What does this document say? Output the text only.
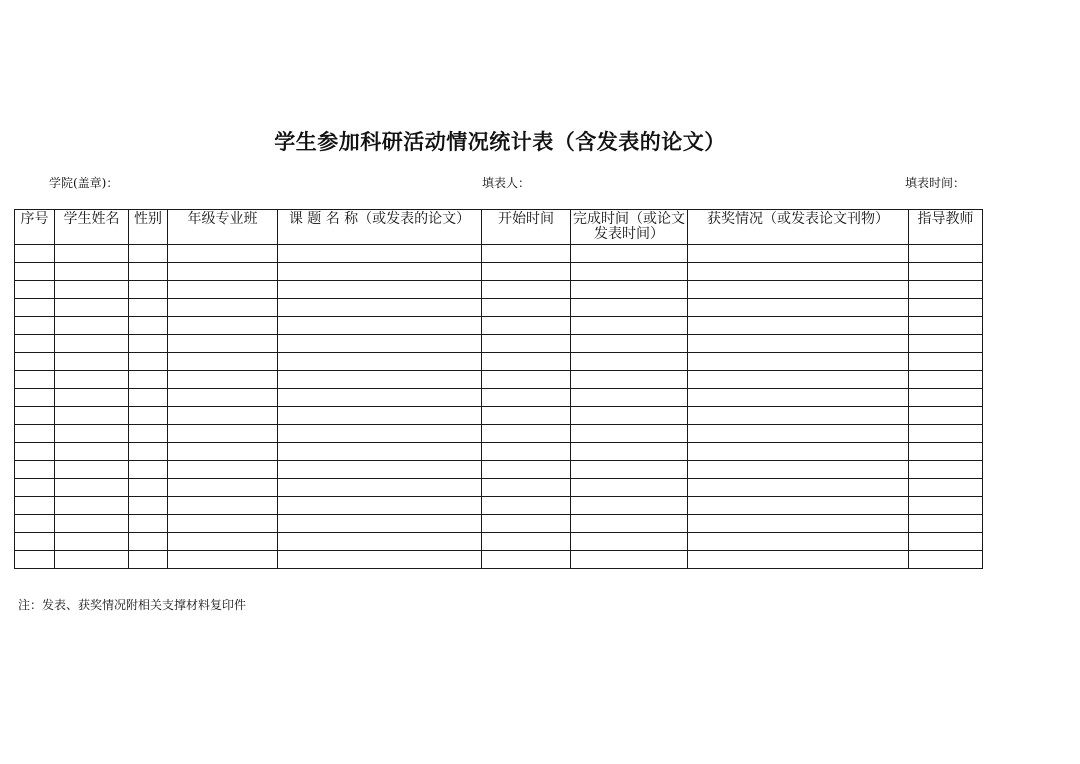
学生参加科研活动情况统计表（含发表的论文）
学院(盖章)：	填表人：	填表时间：
序号	学生姓名	性别	年级专业班	课 题 名 称（或发表的论文）	开始时间	完成时间（或论文发表时间）	获奖情况（或发表论文刊物）	指导教师

注：发表、获奖情况附相关支撑材料复印件
